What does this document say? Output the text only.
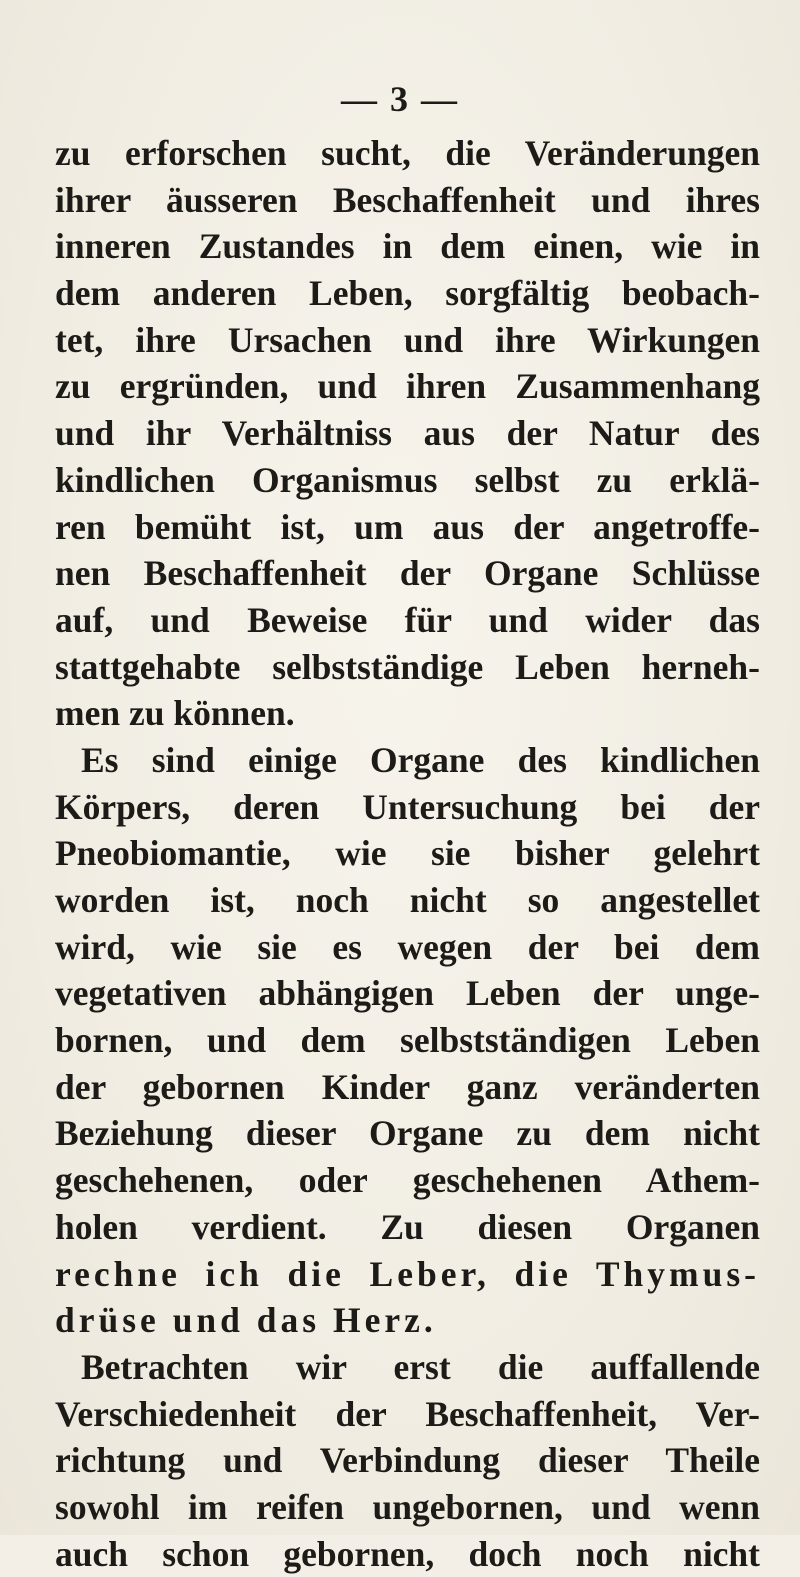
— 3 —
zu erforschen sucht, die Veränderungen
ihrer äusseren Beschaffenheit und ihres
inneren Zustandes in dem einen, wie in
dem anderen Leben, sorgfältig beobach-
tet, ihre Ursachen und ihre Wirkungen
zu ergründen, und ihren Zusammenhang
und ihr Verhältniss aus der Natur des
kindlichen Organismus selbst zu erklä-
ren bemüht ist, um aus der angetroffe-
nen Beschaffenheit der Organe Schlüsse
auf, und Beweise für und wider das
stattgehabte selbstständige Leben herneh-
men zu können.
Es sind einige Organe des kindlichen
Körpers, deren Untersuchung bei der
Pneobiomantie, wie sie bisher gelehrt
worden ist, noch nicht so angestellet
wird, wie sie es wegen der bei dem
vegetativen abhängigen Leben der unge-
bornen, und dem selbstständigen Leben
der gebornen Kinder ganz veränderten
Beziehung dieser Organe zu dem nicht
geschehenen, oder geschehenen Athem-
holen verdient. Zu diesen Organen
rechne ich die Leber, die Thymus-
drüse und das Herz.
Betrachten wir erst die auffallende
Verschiedenheit der Beschaffenheit, Ver-
richtung und Verbindung dieser Theile
sowohl im reifen ungebornen, und wenn
auch schon gebornen, doch noch nicht
